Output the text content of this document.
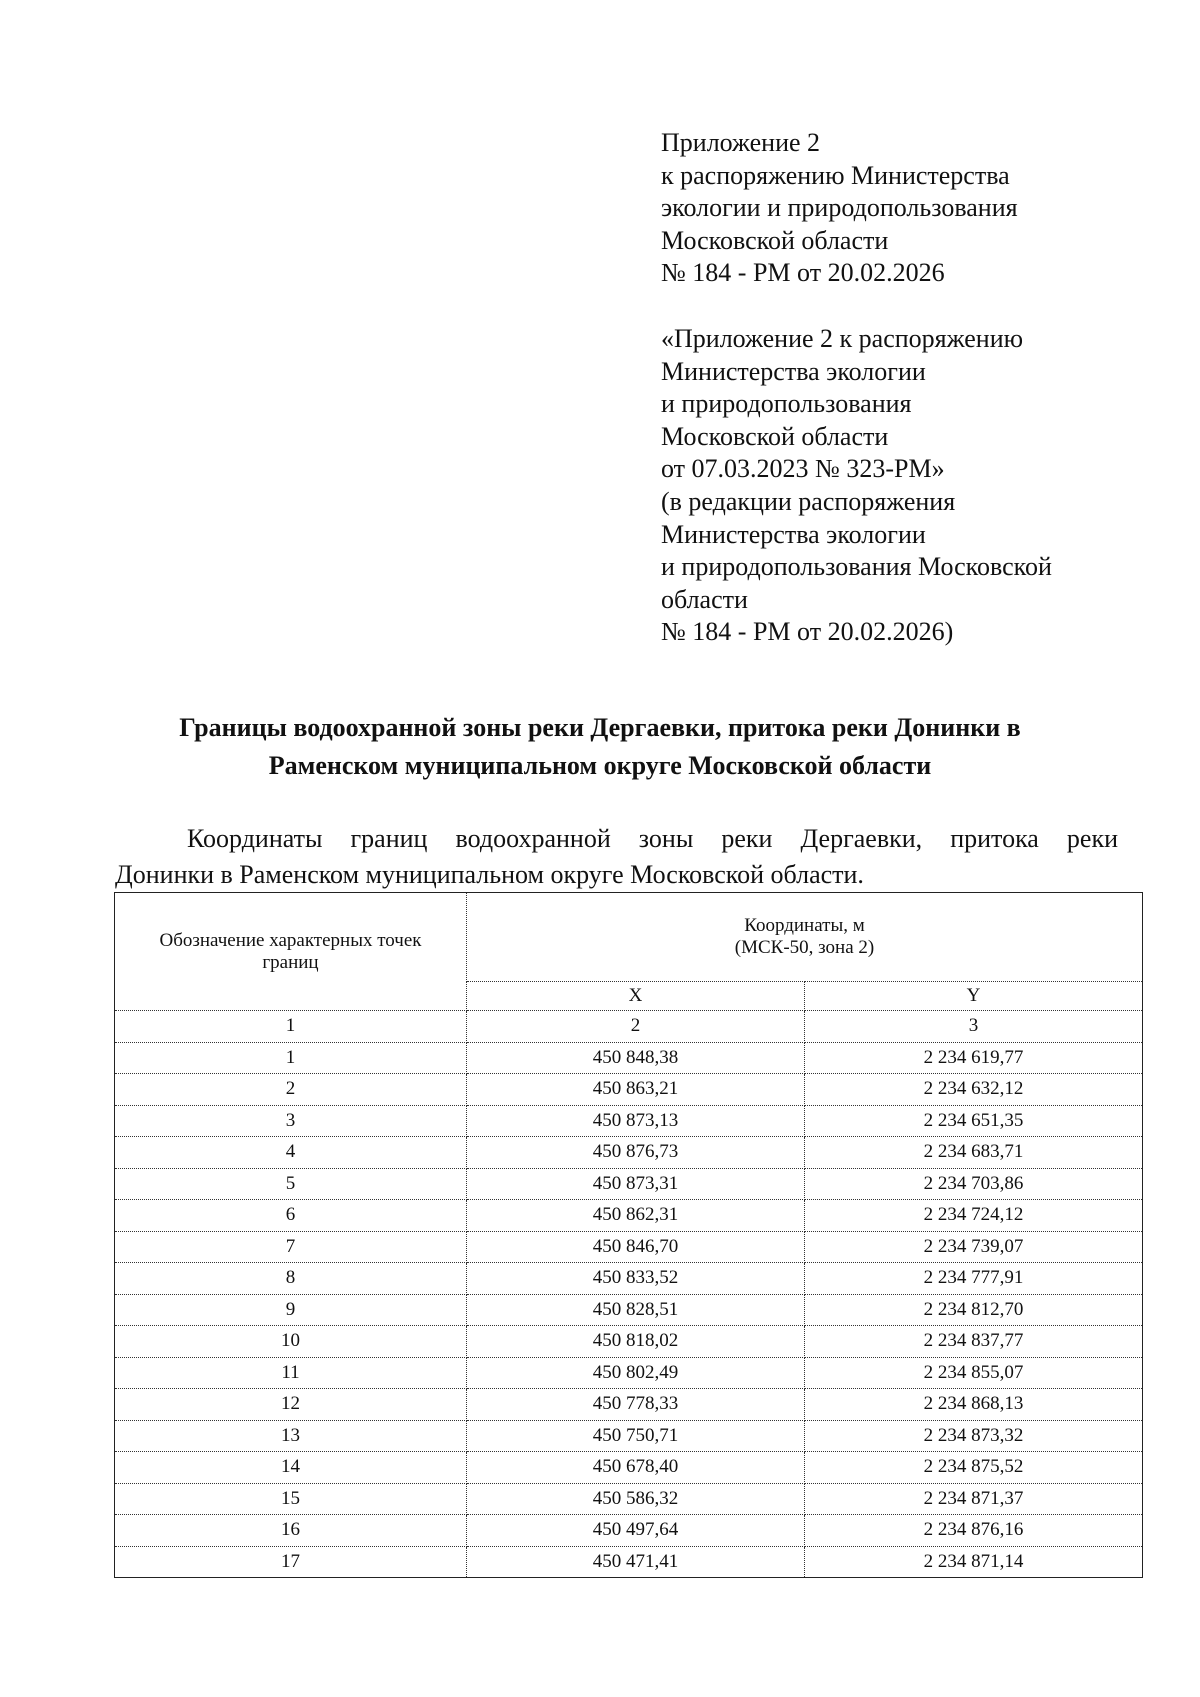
Приложение 2
к распоряжению Министерства
экологии и природопользования
Московской области
№ 184 - РМ от 20.02.2026
«Приложение 2 к распоряжению
Министерства экологии
и природопользования
Московской области
от 07.03.2023 № 323-РМ»
(в редакции распоряжения
Министерства экологии
и природопользования Московской
области
№ 184 - РМ от 20.02.2026)
Границы водоохранной зоны реки Дергаевки, притока реки Донинки в
Раменском муниципальном округе Московской области
Координаты границ водоохранной зоны реки Дергаевки, притока реки
Донинки в Раменском муниципальном округе Московской области.
Обозначение характерных точек
границ	Координаты, м
(МСК-50, зона 2)	

	X	Y
1	2	3
1	450 848,38	2 234 619,77
2	450 863,21	2 234 632,12
3	450 873,13	2 234 651,35
4	450 876,73	2 234 683,71
5	450 873,31	2 234 703,86
6	450 862,31	2 234 724,12
7	450 846,70	2 234 739,07
8	450 833,52	2 234 777,91
9	450 828,51	2 234 812,70
10	450 818,02	2 234 837,77
11	450 802,49	2 234 855,07
12	450 778,33	2 234 868,13
13	450 750,71	2 234 873,32
14	450 678,40	2 234 875,52
15	450 586,32	2 234 871,37
16	450 497,64	2 234 876,16
17	450 471,41	2 234 871,14
